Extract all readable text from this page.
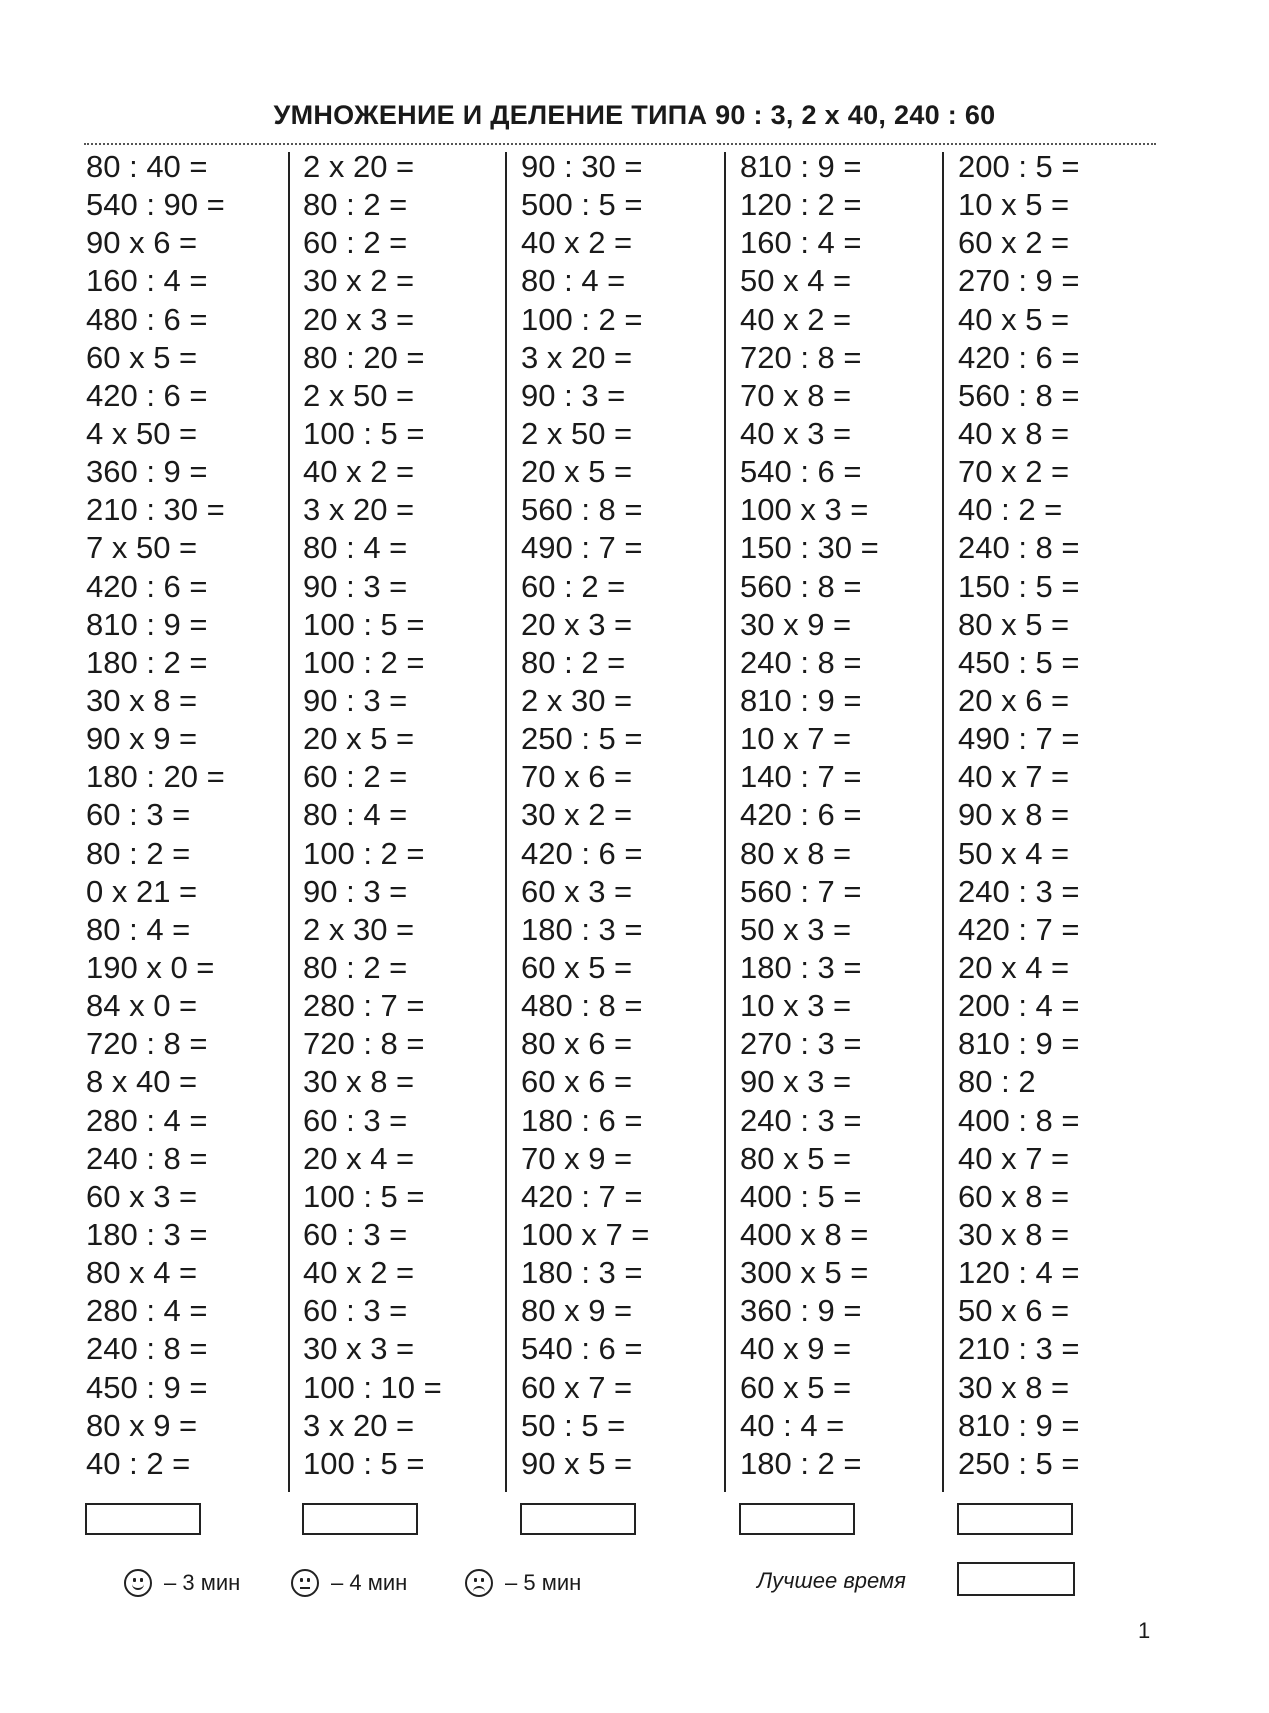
УМНОЖЕНИЕ И ДЕЛЕНИЕ ТИПА 90 : 3, 2 х 40, 240 : 60
80 : 40 =
540 : 90 =
90 х 6 =
160 : 4 =
480 : 6 =
60 х 5 =
420 : 6 =
4 х 50 =
360 : 9 =
210 : 30 =
7 х 50 =
420 : 6 =
810 : 9 =
180 : 2 =
30 х 8 =
90 х 9 =
180 : 20 =
60 : 3 =
80 : 2 =
0 х 21 =
80 : 4 =
190 х 0 =
84 х 0 =
720 : 8 =
8 х 40 =
280 : 4 =
240 : 8 =
60 х 3 =
180 : 3 =
80 х 4 =
280 : 4 =
240 : 8 =
450 : 9 =
80 х 9 =
40 : 2 =
2 х 20 =
80 : 2 =
60 : 2 =
30 х 2 =
20 х 3 =
80 : 20 =
2 х 50 =
100 : 5 =
40 х 2 =
3 х 20 =
80 : 4 =
90 : 3 =
100 : 5 =
100 : 2 =
90 : 3 =
20 х 5 =
60 : 2 =
80 : 4 =
100 : 2 =
90 : 3 =
2 х 30 =
80 : 2 =
280 : 7 =
720 : 8 =
30 х 8 =
60 : 3 =
20 х 4 =
100 : 5 =
60 : 3 =
40 х 2 =
60 : 3 =
30 х 3 =
100 : 10 =
3 х 20 =
100 : 5 =
90 : 30 =
500 : 5 =
40 х 2 =
80 : 4 =
100 : 2 =
3 х 20 =
90 : 3 =
2 х 50 =
20 х 5 =
560 : 8 =
490 : 7 =
60 : 2 =
20 х 3 =
80 : 2 =
2 х 30 =
250 : 5 =
70 х 6 =
30 х 2 =
420 : 6 =
60 х 3 =
180 : 3 =
60 х 5 =
480 : 8 =
80 х 6 =
60 х 6 =
180 : 6 =
70 х 9 =
420 : 7 =
100 х 7 =
180 : 3 =
80 х 9 =
540 : 6 =
60 х 7 =
50 : 5 =
90 х 5 =
810 : 9 =
120 : 2 =
160 : 4 =
50 х 4 =
40 х 2 =
720 : 8 =
70 х 8 =
40 х 3 =
540 : 6 =
100 х 3 =
150 : 30 =
560 : 8 =
30 х 9 =
240 : 8 =
810 : 9 =
10 х 7 =
140 : 7 =
420 : 6 =
80 х 8 =
560 : 7 =
50 х 3 =
180 : 3 =
10 х 3 =
270 : 3 =
90 х 3 =
240 : 3 =
80 х 5 =
400 : 5 =
400 х 8 =
300 х 5 =
360 : 9 =
40 х 9 =
60 х 5 =
40 : 4 =
180 : 2 =
200 : 5 =
10 х 5 =
60 х 2 =
270 : 9 =
40 х 5 =
420 : 6 =
560 : 8 =
40 х 8 =
70 х 2 =
40 : 2 =
240 : 8 =
150 : 5 =
80 х 5 =
450 : 5 =
20 х 6 =
490 : 7 =
40 х 7 =
90 х 8 =
50 х 4 =
240 : 3 =
420 : 7 =
20 х 4 =
200 : 4 =
810 : 9 =
80 : 2
400 : 8 =
40 х 7 =
60 х 8 =
30 х 8 =
120 : 4 =
50 х 6 =
210 : 3 =
30 х 8 =
810 : 9 =
250 : 5 =
– 3 мин	– 4 мин	– 5 мин	Лучшее время
1
